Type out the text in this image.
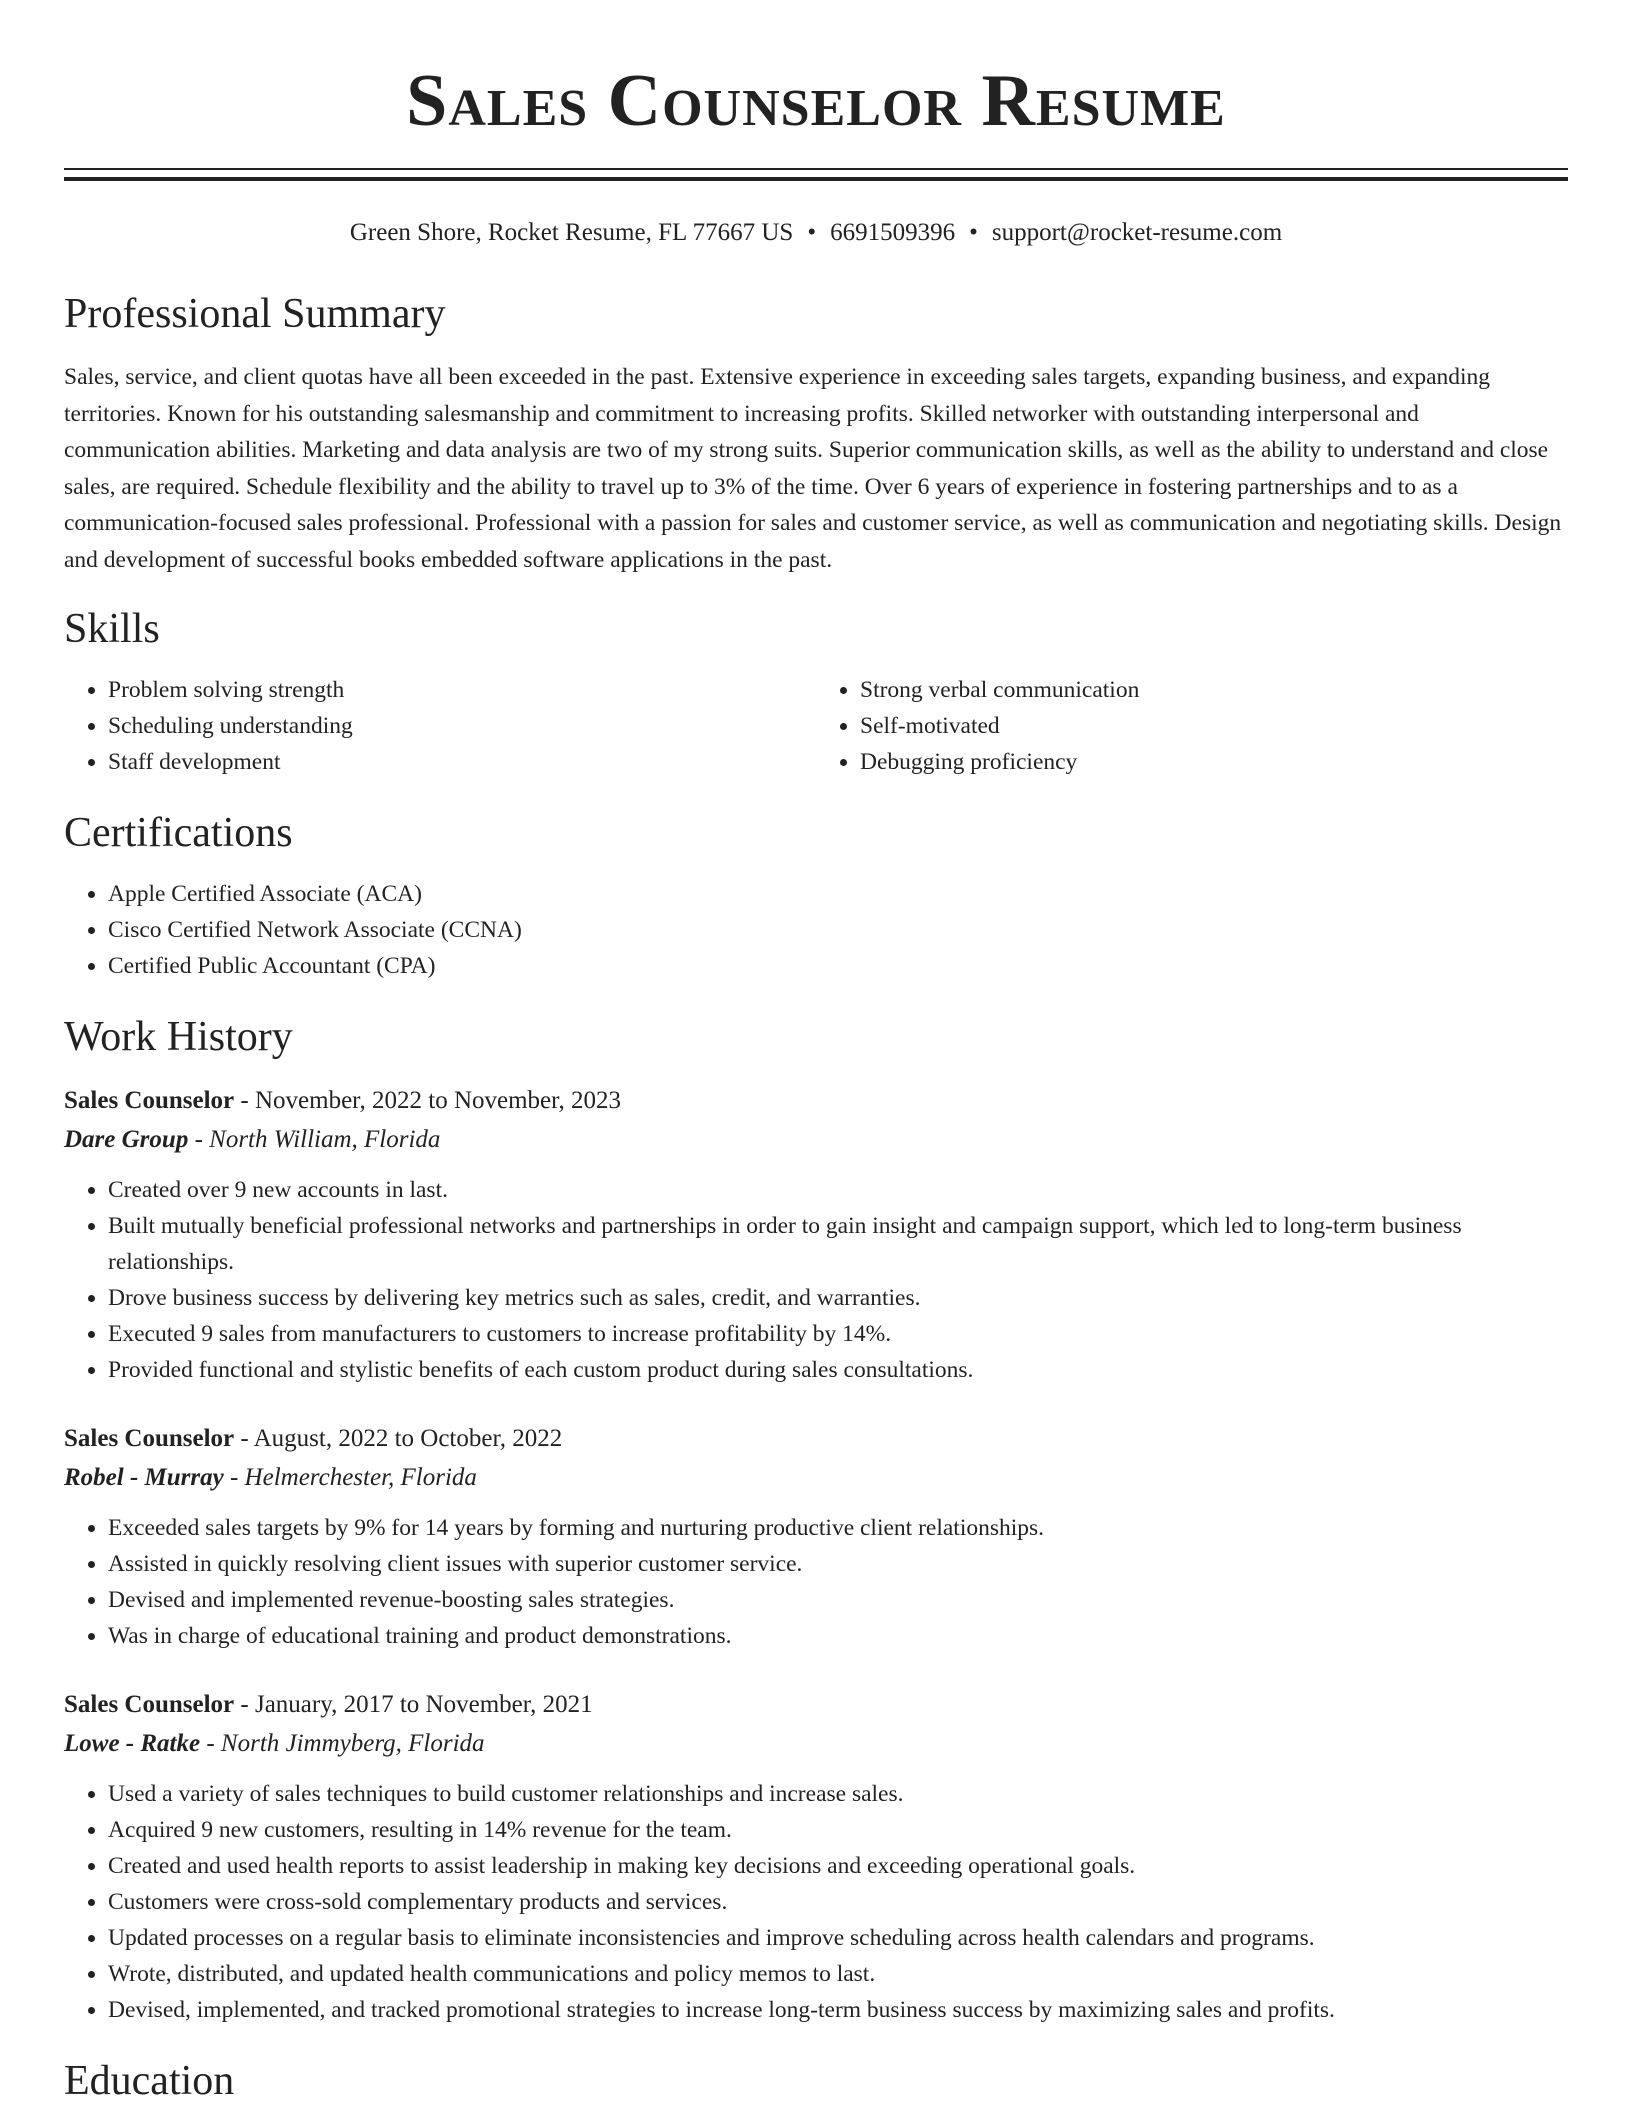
Sales Counselor Resume
Green Shore, Rocket Resume, FL 77667 US • 6691509396 • support@rocket-resume.com
Professional Summary

Sales, service, and client quotas have all been exceeded in the past. Extensive experience in exceeding sales targets, expanding business, and expanding territories. Known for his outstanding salesmanship and commitment to increasing profits. Skilled networker with outstanding interpersonal and communication abilities. Marketing and data analysis are two of my strong suits. Superior communication skills, as well as the ability to understand and close sales, are required. Schedule flexibility and the ability to travel up to 3% of the time. Over 6 years of experience in fostering partnerships and to as a communication-focused sales professional. Professional with a passion for sales and customer service, as well as communication and negotiating skills. Design and development of successful books embedded software applications in the past.

Skills
• Problem solving strength
• Scheduling understanding
• Staff development
• Strong verbal communication
• Self-motivated
• Debugging proficiency
Certifications
• Apple Certified Associate (ACA)
• Cisco Certified Network Associate (CCNA)
• Certified Public Accountant (CPA)
Work History
Sales Counselor - November, 2022 to November, 2023
Dare Group - North William, Florida
• Created over 9 new accounts in last.
• Built mutually beneficial professional networks and partnerships in order to gain insight and campaign support, which led to long-term business relationships.
• Drove business success by delivering key metrics such as sales, credit, and warranties.
• Executed 9 sales from manufacturers to customers to increase profitability by 14%.
• Provided functional and stylistic benefits of each custom product during sales consultations.
Sales Counselor - August, 2022 to October, 2022
Robel - Murray - Helmerchester, Florida
• Exceeded sales targets by 9% for 14 years by forming and nurturing productive client relationships.
• Assisted in quickly resolving client issues with superior customer service.
• Devised and implemented revenue-boosting sales strategies.
• Was in charge of educational training and product demonstrations.
Sales Counselor - January, 2017 to November, 2021
Lowe - Ratke - North Jimmyberg, Florida
• Used a variety of sales techniques to build customer relationships and increase sales.
• Acquired 9 new customers, resulting in 14% revenue for the team.
• Created and used health reports to assist leadership in making key decisions and exceeding operational goals.
• Customers were cross-sold complementary products and services.
• Updated processes on a regular basis to eliminate inconsistencies and improve scheduling across health calendars and programs.
• Wrote, distributed, and updated health communications and policy memos to last.
• Devised, implemented, and tracked promotional strategies to increase long-term business success by maximizing sales and profits.
Education
